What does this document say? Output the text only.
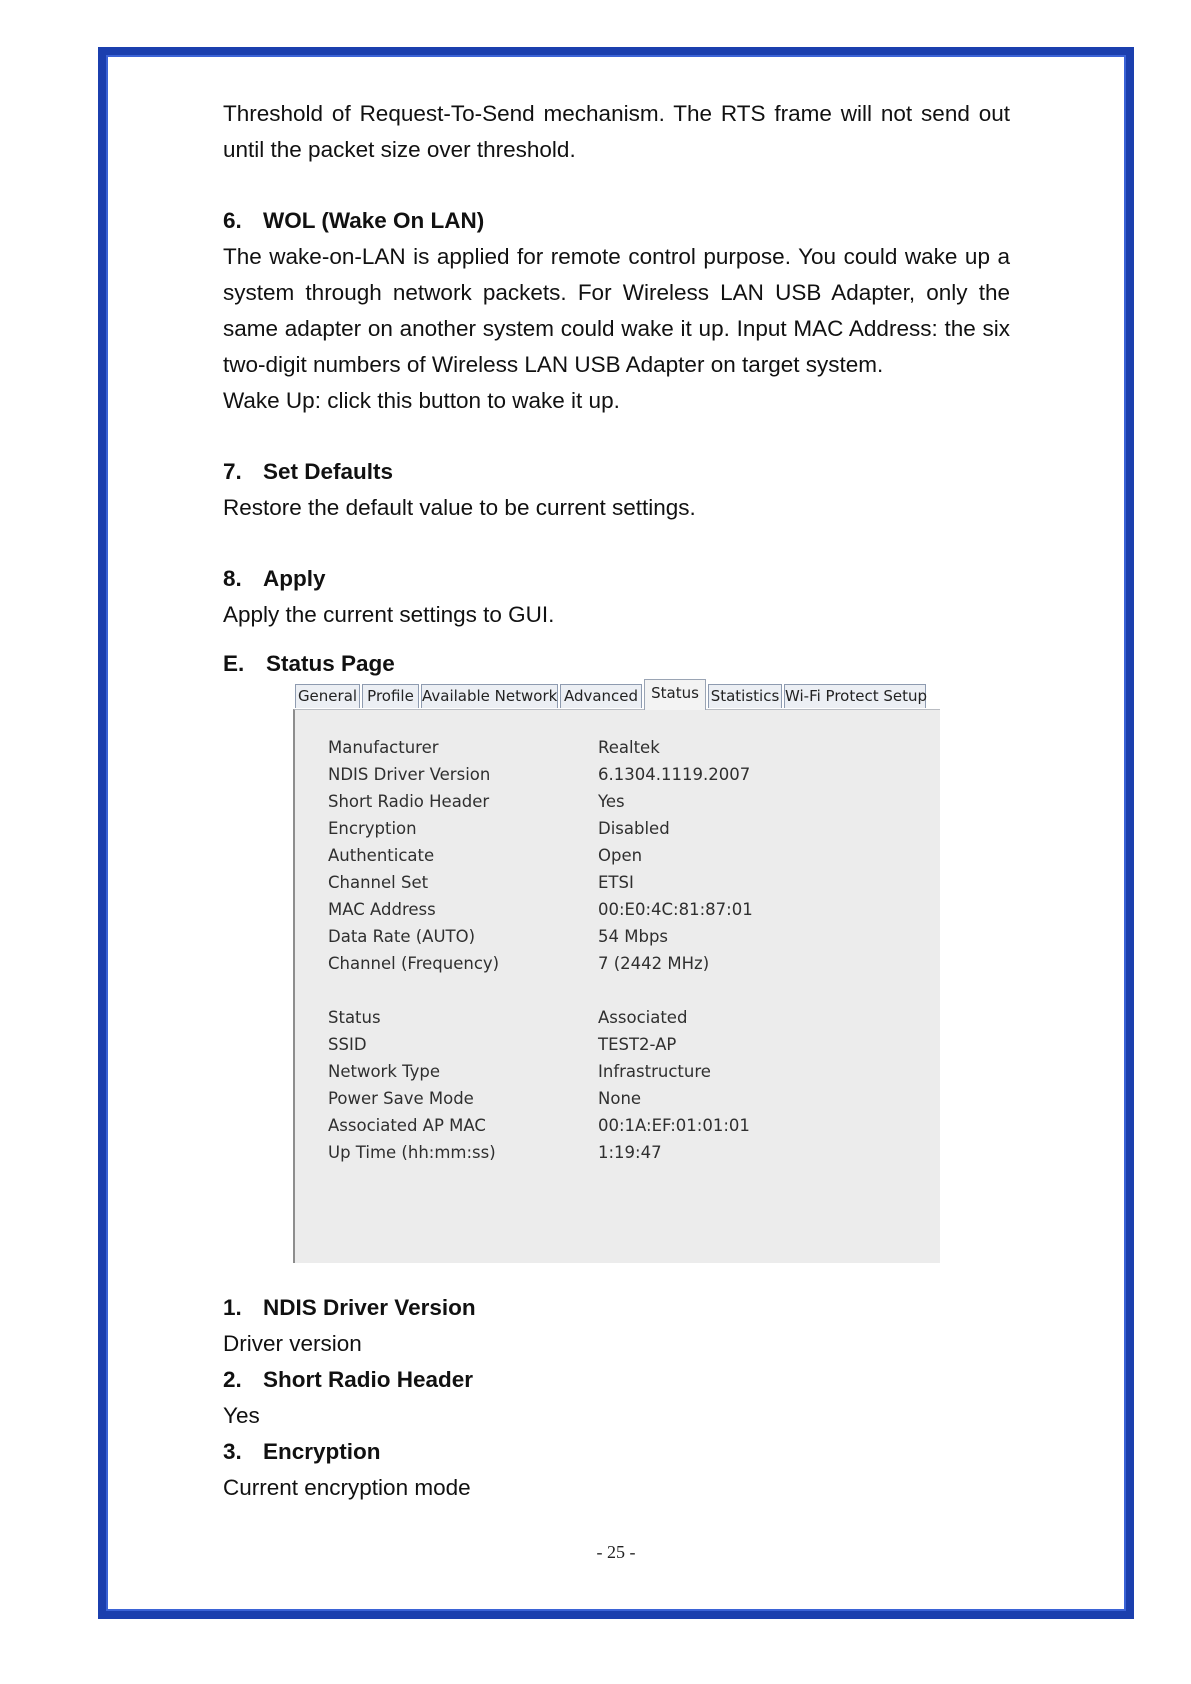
Threshold of Request-To-Send mechanism. The RTS frame will not send out

until the packet size over threshold.

6. WOL (Wake On LAN)

The wake-on-LAN is applied for remote control purpose. You could wake up a

system through network packets. For Wireless LAN USB Adapter, only the

same adapter on another system could wake it up. Input MAC Address: the six

two-digit numbers of Wireless LAN USB Adapter on target system.

Wake Up: click this button to wake it up.

7. Set Defaults

Restore the default value to be current settings.

8. Apply

Apply the current settings to GUI.

E. Status Page
General Profile Available Network Advanced Status Statistics Wi-Fi Protect Setup
Manufacturer	Realtek
NDIS Driver Version	6.1304.1119.2007
Short Radio Header	Yes
Encryption	Disabled
Authenticate	Open
Channel Set	ETSI
MAC Address	00:E0:4C:81:87:01
Data Rate (AUTO)	54 Mbps
Channel (Frequency)	7 (2442 MHz)
Status	Associated
SSID	TEST2-AP
Network Type	Infrastructure
Power Save Mode	None
Associated AP MAC	00:1A:EF:01:01:01
Up Time (hh:mm:ss)	1:19:47

1. NDIS Driver Version

Driver version

2. Short Radio Header

Yes

3. Encryption

Current encryption mode

- 25 -
